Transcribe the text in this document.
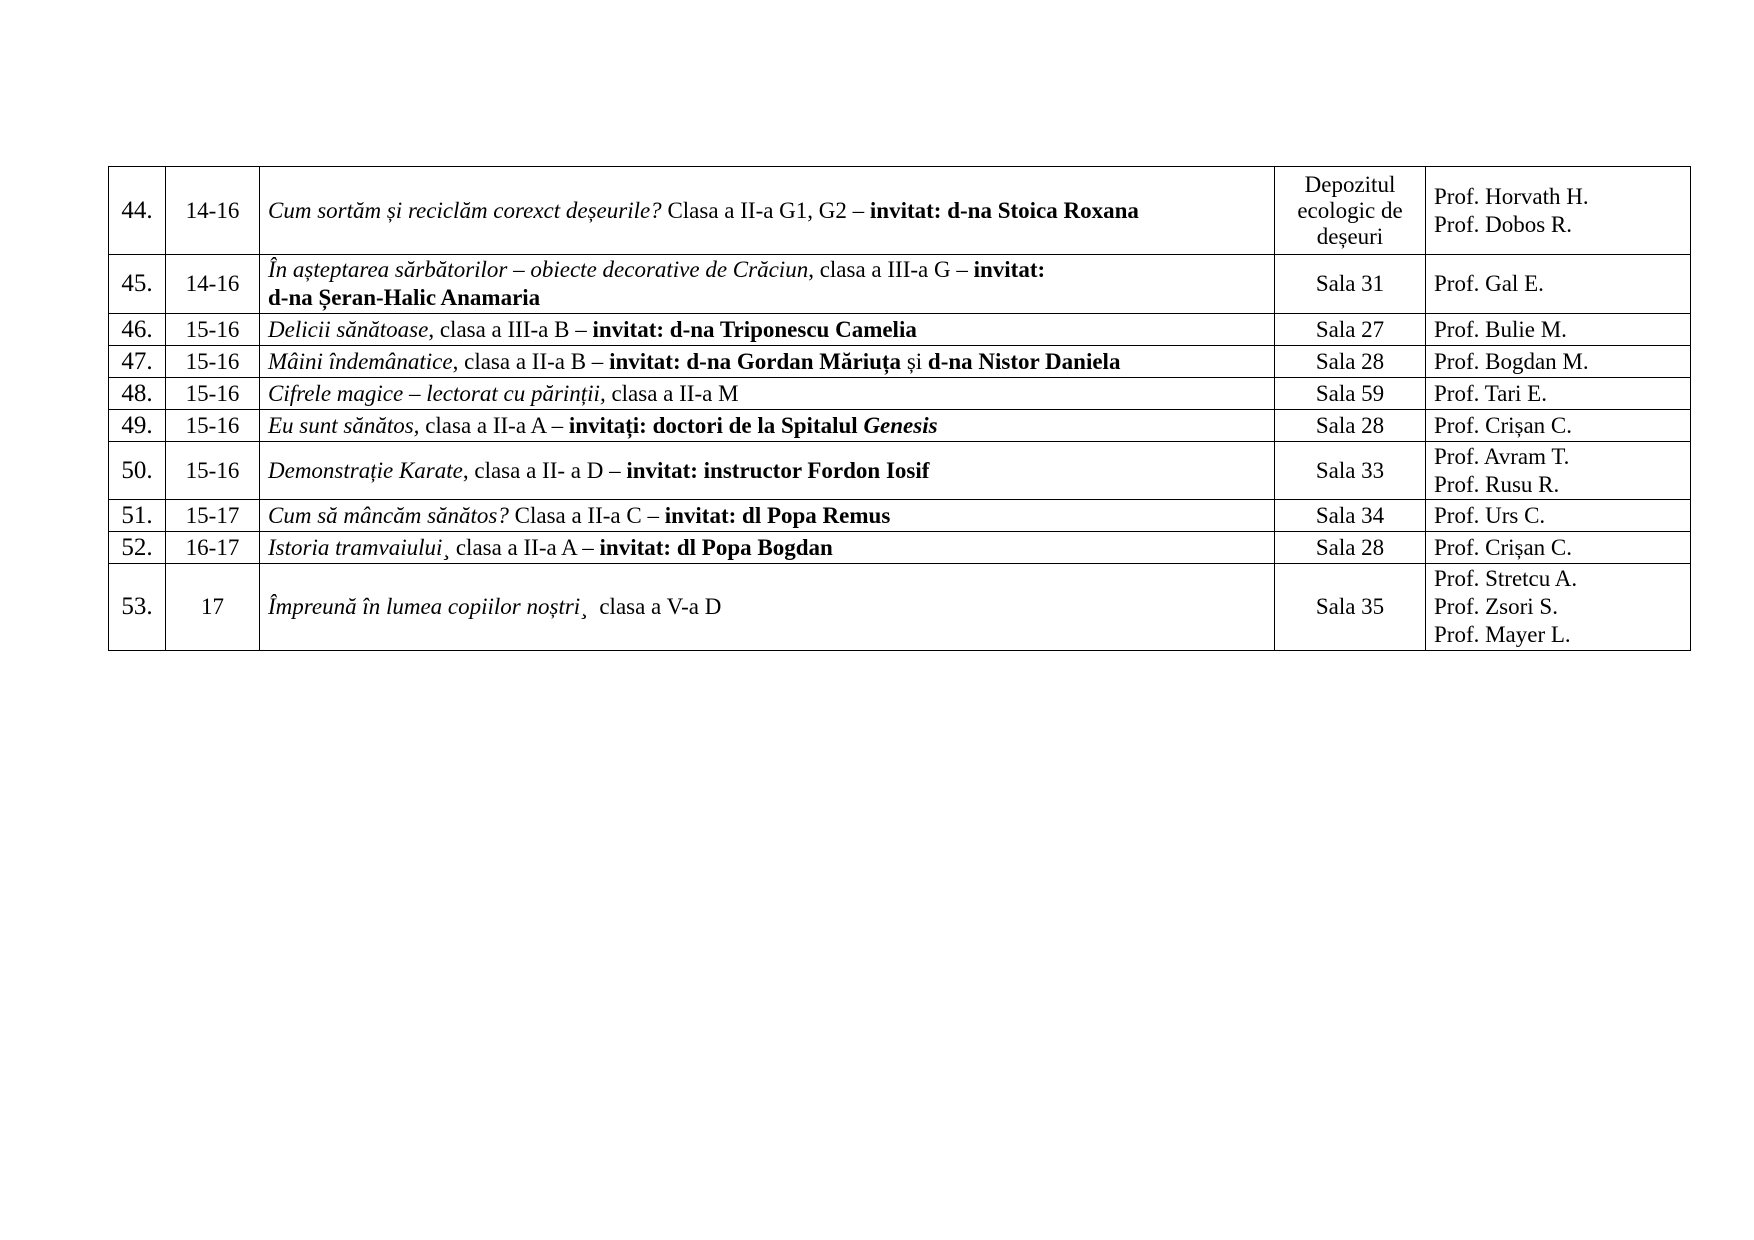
44.	14-16	Cum sortăm și reciclăm corexct deșeurile? Clasa a II-a G1, G2 – invitat: d-na Stoica Roxana	Depozitul
ecologic de
deșeuri	Prof. Horvath H.
Prof. Dobos R.

45.	14-16	În așteptarea sărbătorilor – obiecte decorative de Crăciun, clasa a III-a G – invitat:
d-na Șeran-Halic Anamaria	Sala 31	Prof. Gal E.

46.	15-16	Delicii sănătoase, clasa a III-a B – invitat: d-na Triponescu Camelia	Sala 27	Prof. Bulie M.

47.	15-16	Mâini îndemânatice, clasa a II-a B – invitat: d-na Gordan Măriuța și d-na Nistor Daniela	Sala 28	Prof. Bogdan M.

48.	15-16	Cifrele magice – lectorat cu părinții, clasa a II-a M	Sala 59	Prof. Tari E.

49.	15-16	Eu sunt sănătos, clasa a II-a A – invitați: doctori de la Spitalul Genesis	Sala 28	Prof. Crișan C.

50.	15-16	Demonstrație Karate, clasa a II- a D – invitat: instructor Fordon Iosif	Sala 33	Prof. Avram T.
Prof. Rusu R.

51.	15-17	Cum să mâncăm sănătos? Clasa a II-a C – invitat: dl Popa Remus	Sala 34	Prof. Urs C.

52.	16-17	Istoria tramvaiului¸ clasa a II-a A – invitat: dl Popa Bogdan	Sala 28	Prof. Crișan C.

53.	17	Împreună în lumea copiilor noștri¸  clasa a V-a D	Sala 35	Prof. Stretcu A.
Prof. Zsori S.
Prof. Mayer L.
